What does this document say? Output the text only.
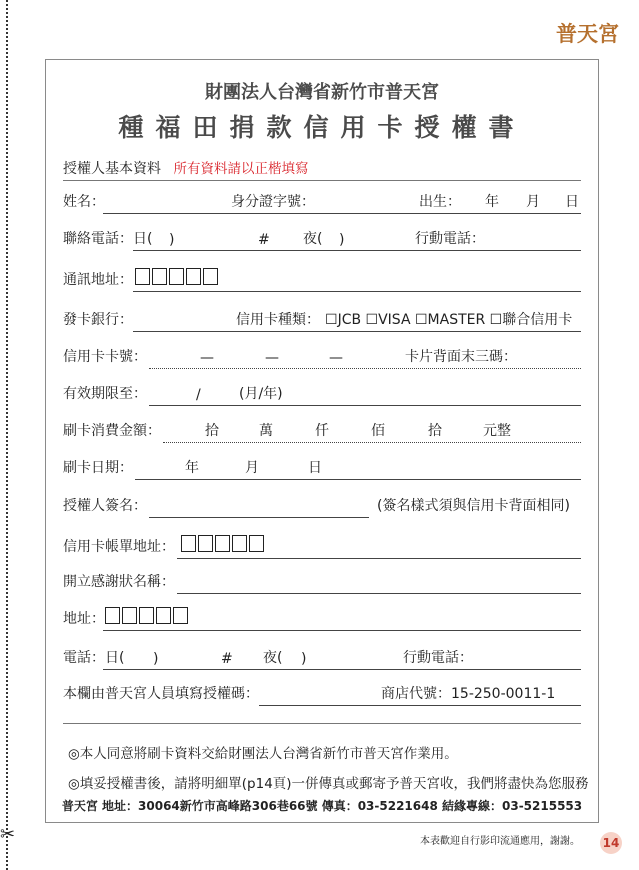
✂
普天宮
財團法人台灣省新竹市普天宮
種福田捐款信用卡授權書
授權人基本資料 所有資料請以正楷填寫
姓名：	身分證字號：	出生： 年 月 日
聯絡電話： 日( )	# 夜( )	行動電話：
通訊地址：
發卡銀行：	信用卡種類： ☐JCB ☐VISA ☐MASTER ☐聯合信用卡
信用卡卡號：	—	—	—	卡片背面末三碼：
有效期限至：	/	(月/年)
刷卡消費金額：	拾	萬	仟	佰	拾	元整
刷卡日期：	年	月	日
授權人簽名：	(簽名樣式須與信用卡背面相同)
信用卡帳單地址：
開立感謝狀名稱：
地址：
電話： 日( )	# 夜( )	行動電話：
本欄由普天宮人員填寫授權碼：	商店代號：15-250-0011-1
◎本人同意將刷卡資料交給財團法人台灣省新竹市普天宮作業用。
◎填妥授權書後，請將明細單(p14頁)一併傳真或郵寄予普天宮收，我們將盡快為您服務
普天宮 地址：30064新竹市高峰路306巷66號 傳真：03-5221648 結緣專線：03-5215553
本表歡迎自行影印流通應用，謝謝。 14
